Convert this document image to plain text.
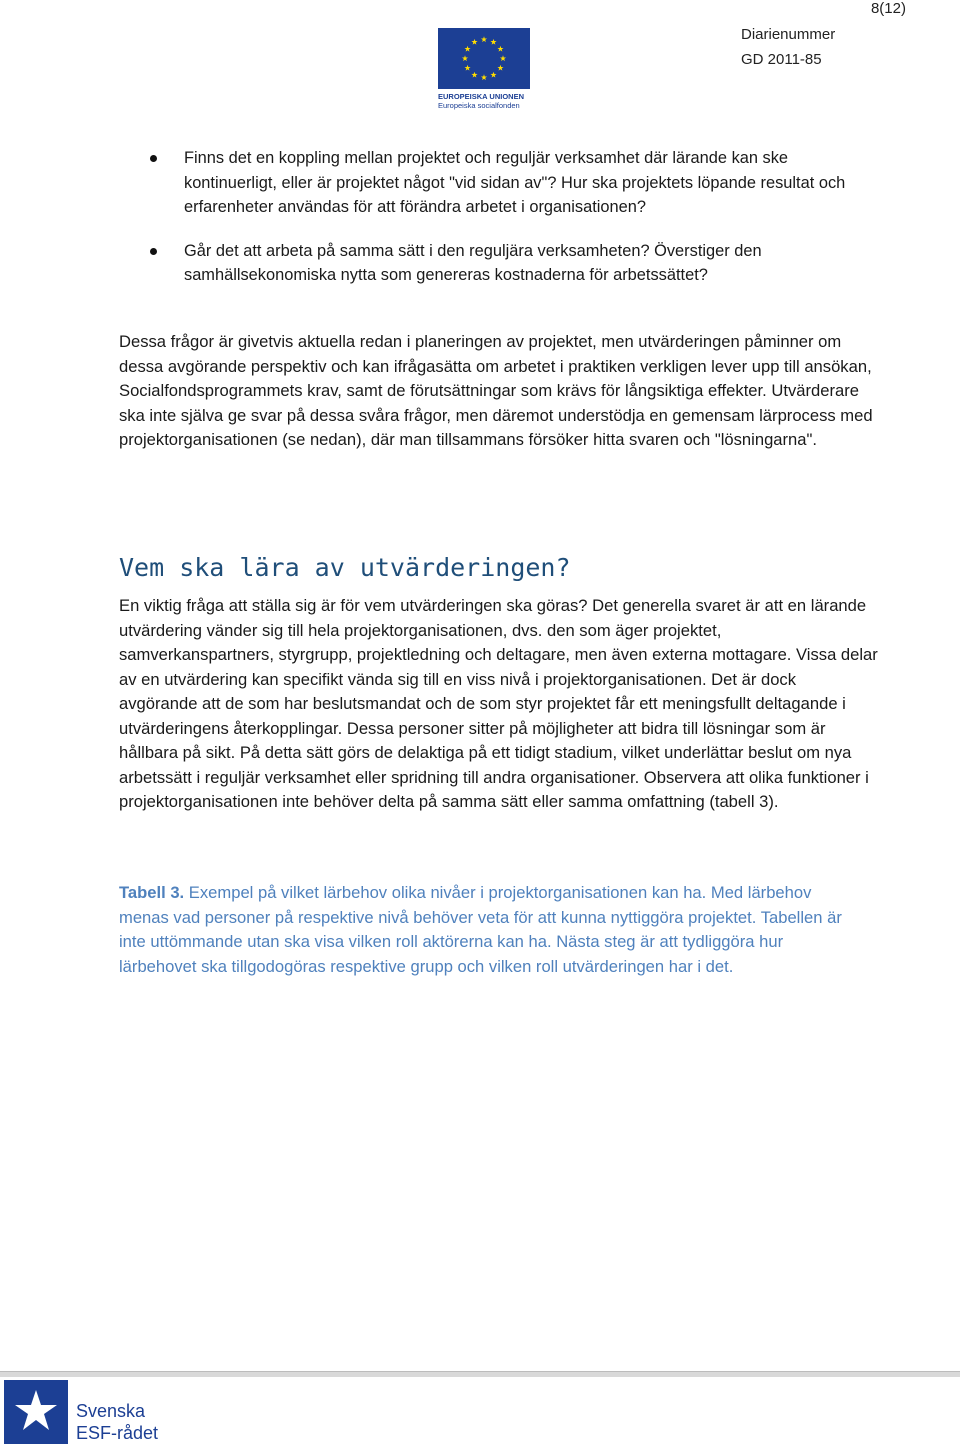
8(12)
EUROPEISKA UNIONEN
Europeiska socialfonden
Diarienummer
GD 2011-85
Finns det en koppling mellan projektet och reguljär verksamhet där lärande kan ske kontinuerligt, eller är projektet något "vid sidan av"? Hur ska projektets löpande resultat och erfarenheter användas för att förändra arbetet i organisationen?
Går det att arbeta på samma sätt i den reguljära verksamheten? Överstiger den samhällsekonomiska nytta som genereras kostnaderna för arbetssättet?

Dessa frågor är givetvis aktuella redan i planeringen av projektet, men utvärderingen påminner om dessa avgörande perspektiv och kan ifrågasätta om arbetet i praktiken verkligen lever upp till ansökan, Socialfondsprogrammets krav, samt de förutsättningar som krävs för långsiktiga effekter. Utvärderare ska inte själva ge svar på dessa svåra frågor, men däremot understödja en gemensam lärprocess med projektorganisationen (se nedan), där man tillsammans försöker hitta svaren och "lösningarna".

Vem ska lära av utvärderingen?

En viktig fråga att ställa sig är för vem utvärderingen ska göras? Det generella svaret är att en lärande utvärdering vänder sig till hela projektorganisationen, dvs. den som äger projektet, samverkanspartners, styrgrupp, projektledning och deltagare, men även externa mottagare. Vissa delar av en utvärdering kan specifikt vända sig till en viss nivå i projektorganisationen. Det är dock avgörande att de som har beslutsmandat och de som styr projektet får ett meningsfullt deltagande i utvärderingens återkopplingar. Dessa personer sitter på möjligheter att bidra till lösningar som är hållbara på sikt. På detta sätt görs de delaktiga på ett tidigt stadium, vilket underlättar beslut om nya arbetssätt i reguljär verksamhet eller spridning till andra organisationer. Observera att olika funktioner i projektorganisationen inte behöver delta på samma sätt eller samma omfattning (tabell 3).

Tabell 3. Exempel på vilket lärbehov olika nivåer i projektorganisationen kan ha. Med lärbehov menas vad personer på respektive nivå behöver veta för att kunna nyttiggöra projektet. Tabellen är inte uttömmande utan ska visa vilken roll aktörerna kan ha. Nästa steg är att tydliggöra hur lärbehovet ska tillgodogöras respektive grupp och vilken roll utvärderingen har i det.

Svenska
ESF-rådet
